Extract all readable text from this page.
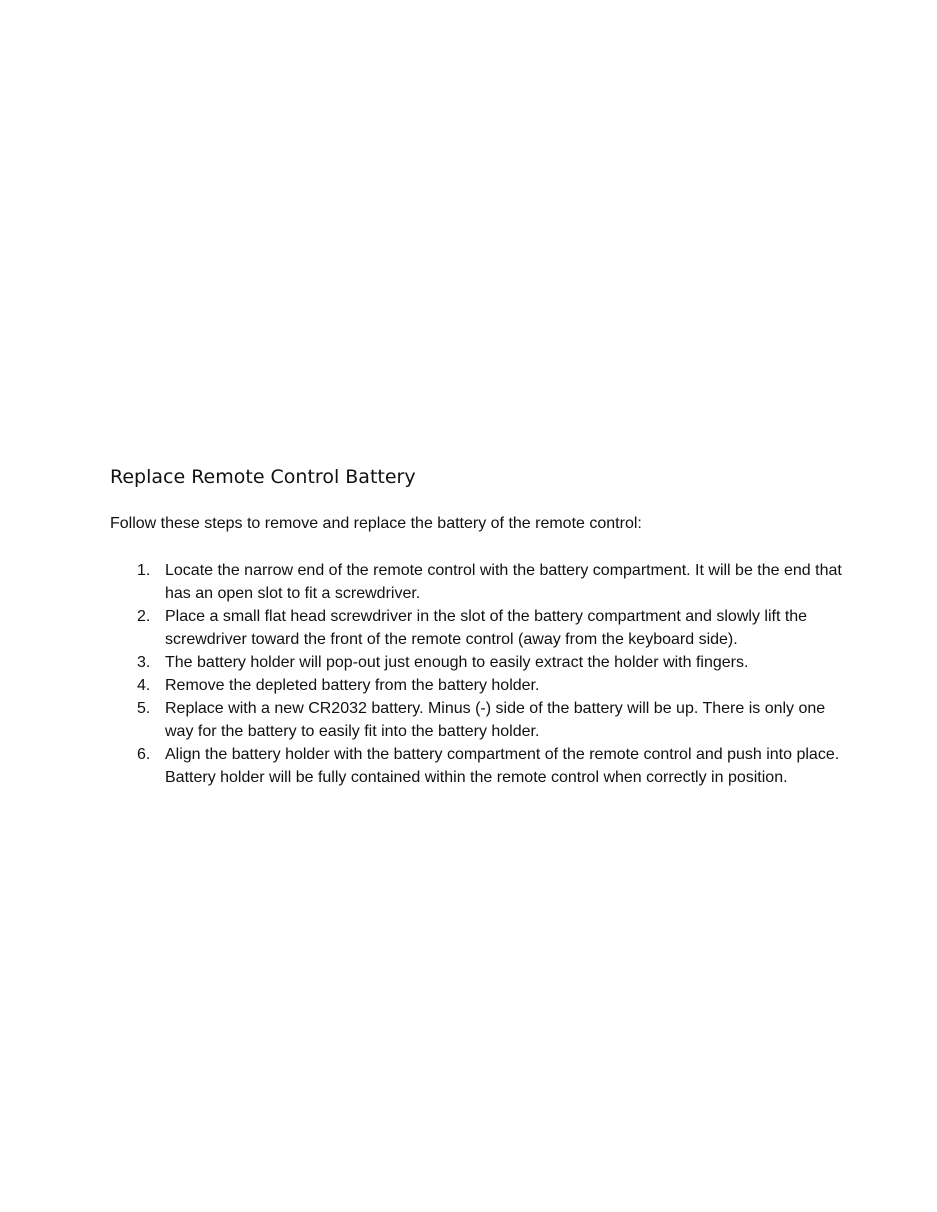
Replace Remote Control Battery

Follow these steps to remove and replace the battery of the remote control:

1. Locate the narrow end of the remote control with the battery compartment. It will be the end that has an open slot to fit a screwdriver.
2. Place a small flat head screwdriver in the slot of the battery compartment and slowly lift the screwdriver toward the front of the remote control (away from the keyboard side).
3. The battery holder will pop-out just enough to easily extract the holder with fingers.
4. Remove the depleted battery from the battery holder.
5. Replace with a new CR2032 battery. Minus (-) side of the battery will be up. There is only one way for the battery to easily fit into the battery holder.
6. Align the battery holder with the battery compartment of the remote control and push into place. Battery holder will be fully contained within the remote control when correctly in position.
